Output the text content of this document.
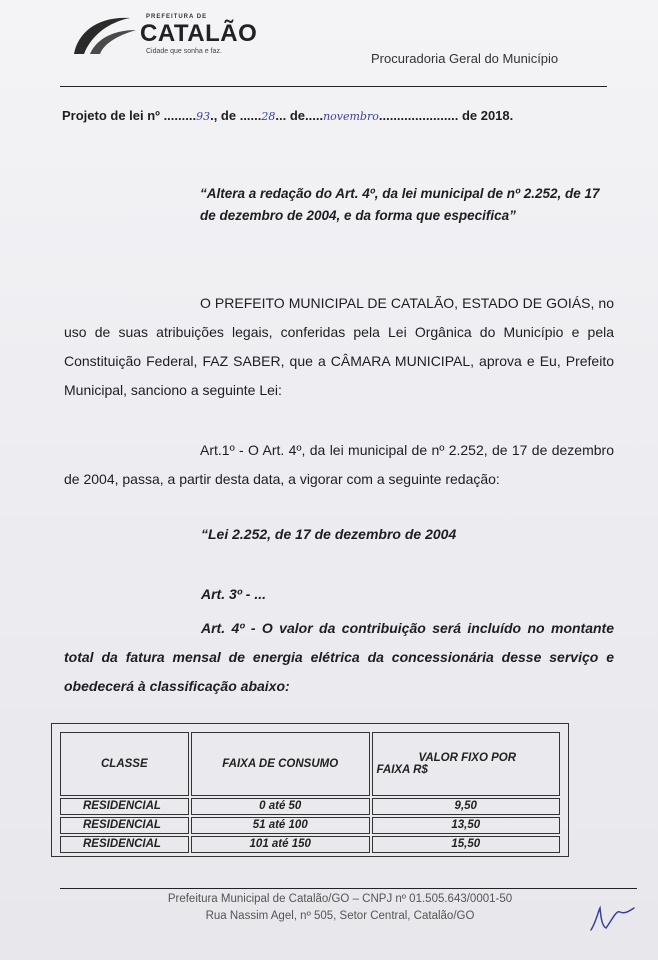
PREFEITURA DE
CATALÃO
Cidade que sonha e faz.	Procuradoria Geral do Município
Projeto de lei nº .........93., de ......28... de.....novembro...................... de 2018.

“Altera a redação do Art. 4º, da lei municipal de nº 2.252, de 17 de dezembro de 2004, e da forma que especifica”

O PREFEITO MUNICIPAL DE CATALÃO, ESTADO DE GOIÁS, no uso de suas atribuições legais, conferidas pela Lei Orgânica do Município e pela Constituição Federal, FAZ SABER, que a CÂMARA MUNICIPAL, aprova e Eu, Prefeito Municipal, sanciono a seguinte Lei:

Art.1º - O Art. 4º, da lei municipal de nº 2.252, de 17 de dezembro de 2004, passa, a partir desta data, a vigorar com a seguinte redação:

“Lei 2.252, de 17 de dezembro de 2004
Art. 3º - ...

Art. 4º - O valor da contribuição será incluído no montante total da fatura mensal de energia elétrica da concessionária desse serviço e obedecerá à classificação abaixo:

CLASSE	FAIXA DE CONSUMO	VALOR FIXO POR
FAIXA R$
RESIDENCIAL	0 até 50	9,50
RESIDENCIAL	51 até 100	13,50
RESIDENCIAL	101 até 150	15,50
Prefeitura Municipal de Catalão/GO – CNPJ nº 01.505.643/0001-50
Rua Nassim Agel, nº 505, Setor Central, Catalão/GO
